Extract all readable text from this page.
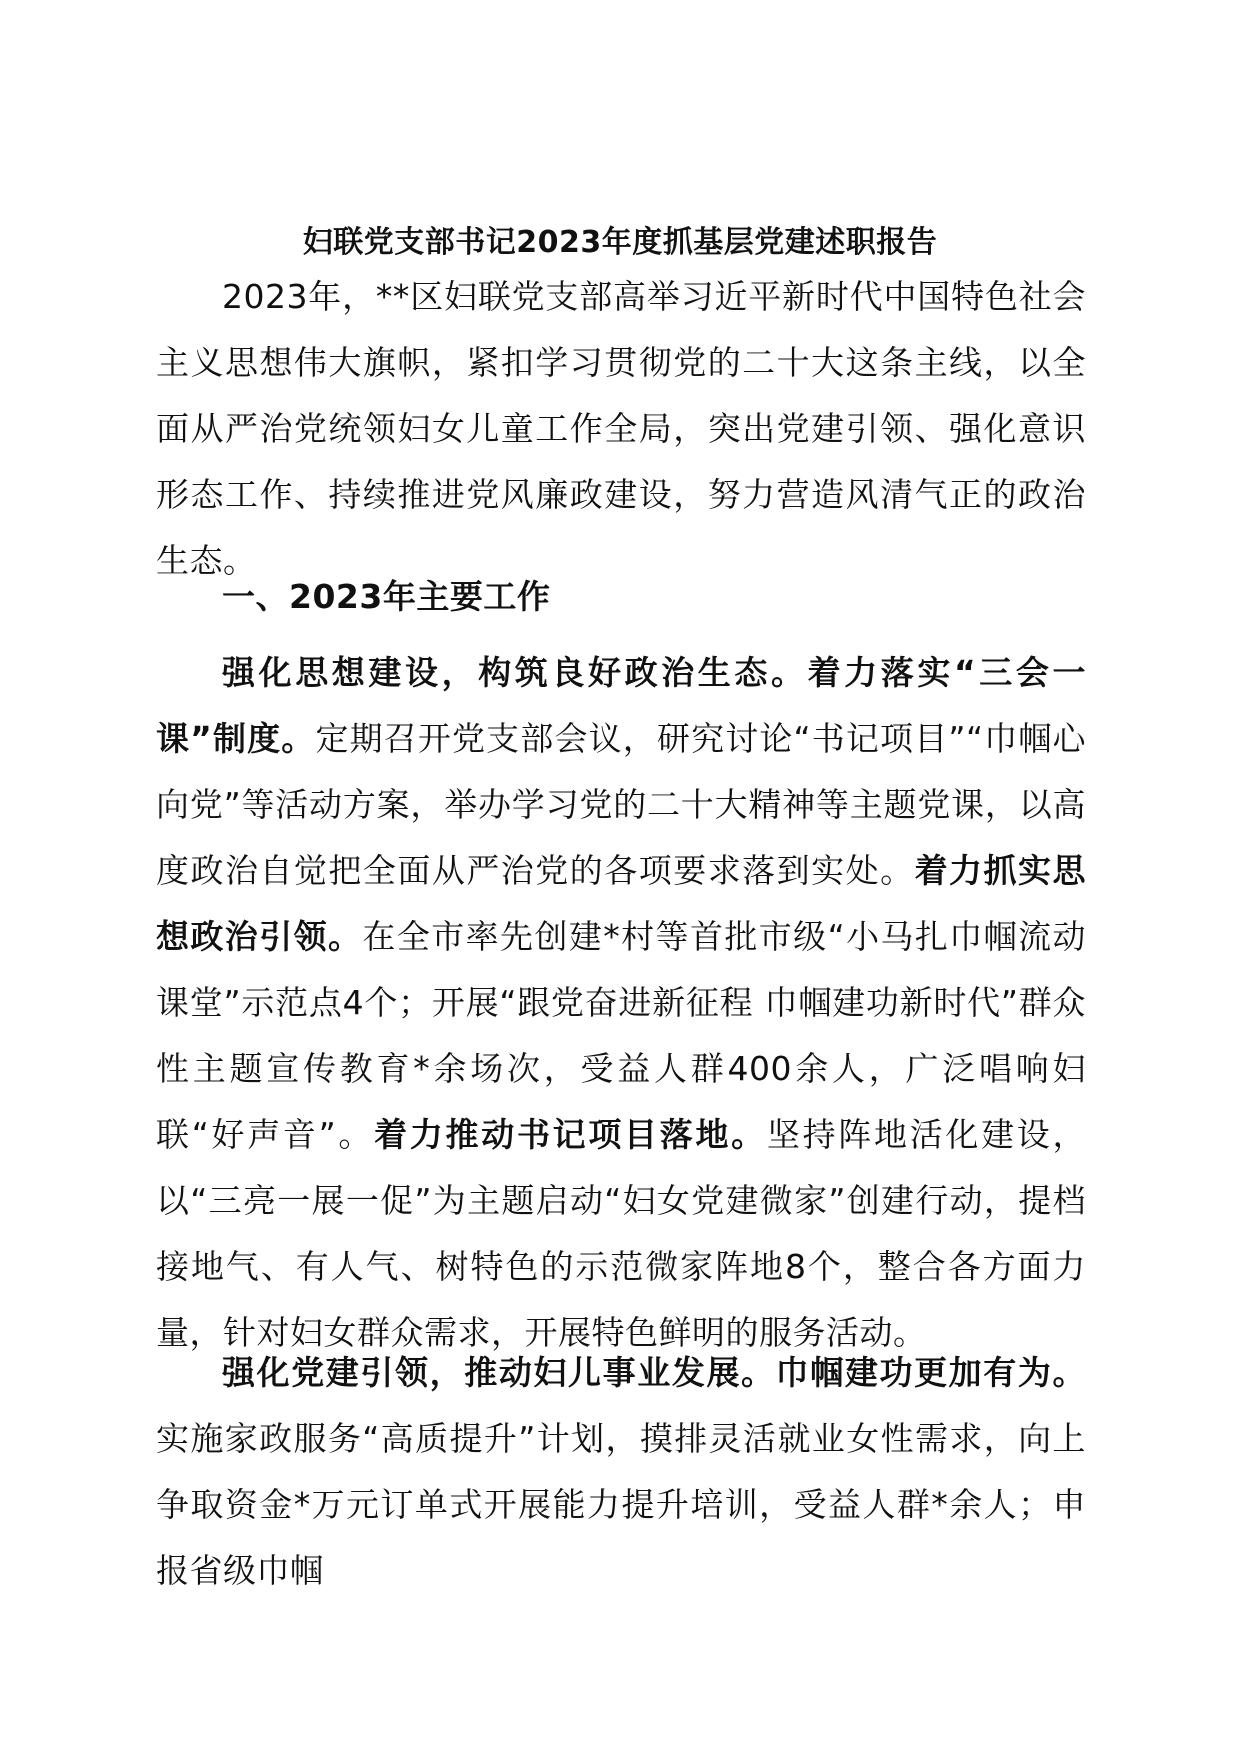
妇联党支部书记2023年度抓基层党建述职报告

2023年，**区妇联党支部高举习近平新时代中国特色社会主义思想伟大旗帜，紧扣学习贯彻党的二十大这条主线，以全面从严治党统领妇女儿童工作全局，突出党建引领、强化意识形态工作、持续推进党风廉政建设，努力营造风清气正的政治生态。

一、2023年主要工作

强化思想建设，构筑良好政治生态。着力落实“三会一课”制度。定期召开党支部会议，研究讨论“书记项目”“巾帼心向党”等活动方案，举办学习党的二十大精神等主题党课，以高度政治自觉把全面从严治党的各项要求落到实处。着力抓实思想政治引领。在全市率先创建*村等首批市级“小马扎巾帼流动课堂”示范点4个；开展“跟党奋进新征程 巾帼建功新时代”群众性主题宣传教育*余场次，受益人群400余人，广泛唱响妇联“好声音”。着力推动书记项目落地。坚持阵地活化建设，以“三亮一展一促”为主题启动“妇女党建微家”创建行动，提档接地气、有人气、树特色的示范微家阵地8个，整合各方面力量，针对妇女群众需求，开展特色鲜明的服务活动。

强化党建引领，推动妇儿事业发展。巾帼建功更加有为。实施家政服务“高质提升”计划，摸排灵活就业女性需求，向上争取资金*万元订单式开展能力提升培训，受益人群*余人；申报省级巾帼
